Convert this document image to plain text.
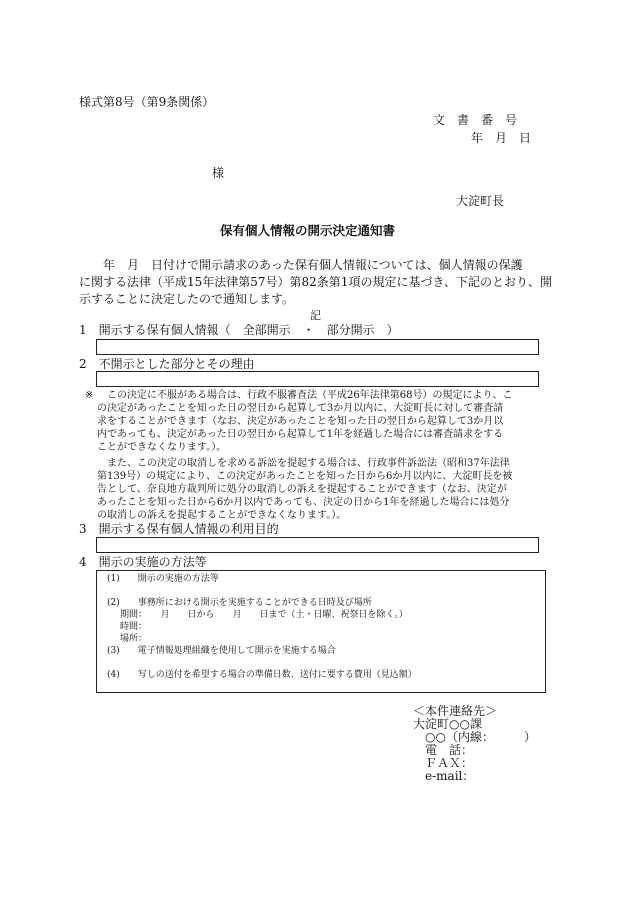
様式第8号（第9条関係）
文　書　番　号
年　月　日
様
大淀町長
保有個人情報の開示決定通知書
　　年　月　日付けで開示請求のあった保有個人情報については、個人情報の保護
に関する法律（平成15年法律第57号）第82条第1項の規定に基づき、下記のとおり、開
示することに決定したので通知します。
記
1　開示する保有個人情報（　全部開示　・　部分開示　）
2　不開示とした部分とその理由
※	この決定に不服がある場合は、行政不服審査法（平成26年法律第68号）の規定により、こ
の決定があったことを知った日の翌日から起算して3か月以内に、大淀町長に対して審査請
求をすることができます（なお、決定があったことを知った日の翌日から起算して3か月以
内であっても、決定があった日の翌日から起算して1年を経過した場合には審査請求をする
ことができなくなります。）。
　また、この決定の取消しを求める訴訟を提起する場合は、行政事件訴訟法（昭和37年法律
第139号）の規定により、この決定があったことを知った日から6か月以内に、大淀町長を被
告として、奈良地方裁判所に処分の取消しの訴えを提起することができます（なお、決定が
あったことを知った日から6か月以内であっても、決定の日から1年を経過した場合には処分
の取消しの訴えを提起することができなくなります。）。
3　開示する保有個人情報の利用目的
4　開示の実施の方法等
(1)　　開示の実施の方法等
(2)　　事務所における開示を実施することができる日時及び場所
期間：　　月　　日から　　月　　日まで（土・日曜、祝祭日を除く。）
時間：
場所：
(3)　　電子情報処理組織を使用して開示を実施する場合
(4)　　写しの送付を希望する場合の準備日数、送付に要する費用（見込額）
＜本件連絡先＞
大淀町○○課
○○（内線：　　　）
電　話：
ＦＡＸ：
e-mail：
